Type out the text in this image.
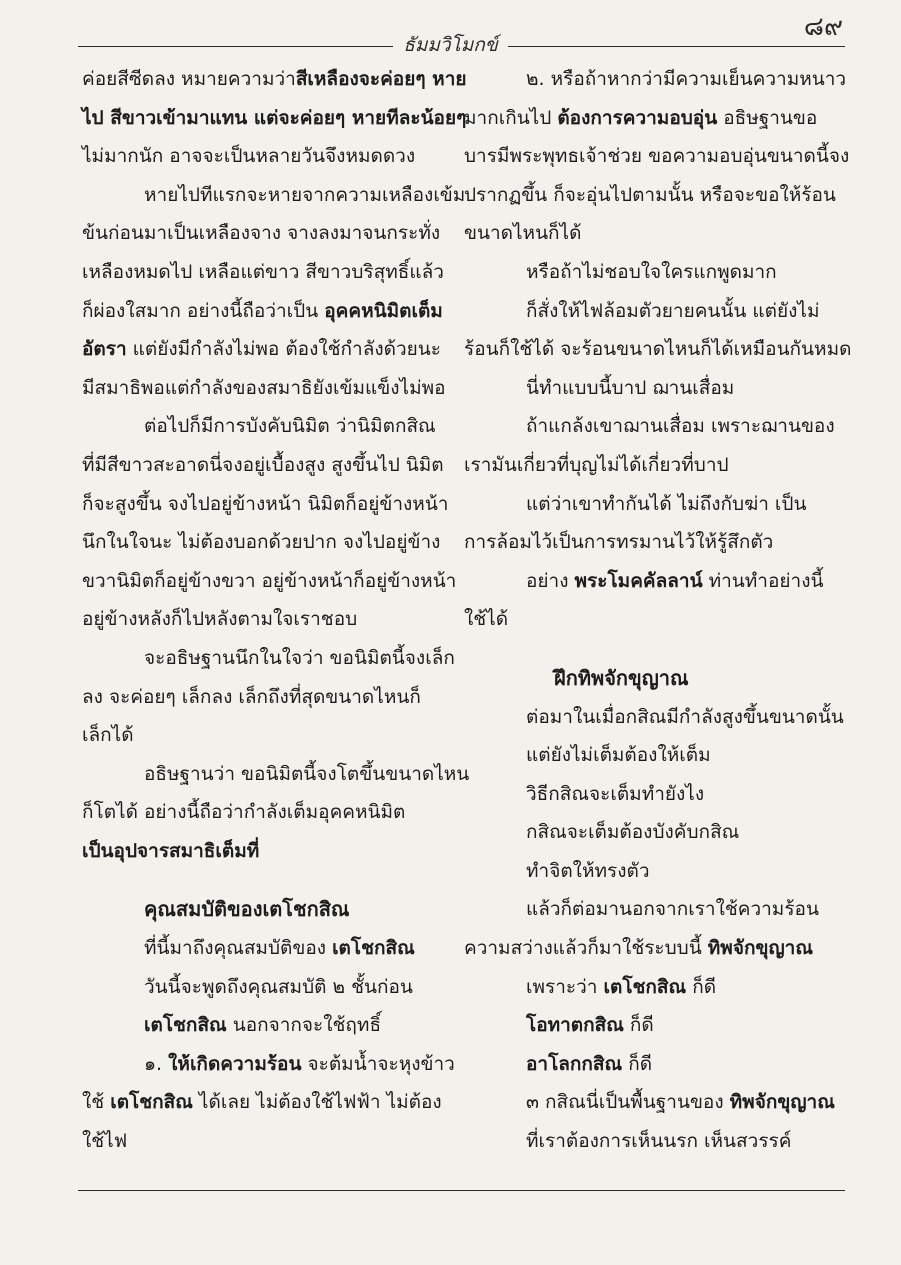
๘๙
ธัมมวิโมกข์
ค่อยสีซีดลง หมายความว่าสีเหลืองจะค่อยๆ หาย
ไป สีขาวเข้ามาแทน แต่จะค่อยๆ หายทีละน้อยๆ
ไม่มากนัก อาจจะเป็นหลายวันจึงหมดดวง
หายไปทีแรกจะหายจากความเหลืองเข้ม
ข้นก่อนมาเป็นเหลืองจาง จางลงมาจนกระทั่ง
เหลืองหมดไป เหลือแต่ขาว สีขาวบริสุทธิ์แล้ว
ก็ผ่องใสมาก อย่างนี้ถือว่าเป็น อุคคหนิมิตเต็ม
อัตรา แต่ยังมีกำลังไม่พอ ต้องใช้กำลังด้วยนะ
มีสมาธิพอแต่กำลังของสมาธิยังเข้มแข็งไม่พอ
ต่อไปก็มีการบังคับนิมิต ว่านิมิตกสิณ
ที่มีสีขาวสะอาดนี่จงอยู่เบื้องสูง สูงขึ้นไป นิมิต
ก็จะสูงขึ้น จงไปอยู่ข้างหน้า นิมิตก็อยู่ข้างหน้า
นึกในใจนะ ไม่ต้องบอกด้วยปาก จงไปอยู่ข้าง
ขวานิมิตก็อยู่ข้างขวา อยู่ข้างหน้าก็อยู่ข้างหน้า
อยู่ข้างหลังก็ไปหลังตามใจเราชอบ
จะอธิษฐานนึกในใจว่า ขอนิมิตนี้จงเล็ก
ลง จะค่อยๆ เล็กลง เล็กถึงที่สุดขนาดไหนก็
เล็กได้
อธิษฐานว่า ขอนิมิตนี้จงโตขึ้นขนาดไหน
ก็โตได้ อย่างนี้ถือว่ากำลังเต็มอุคคหนิมิต
เป็นอุปจารสมาธิเต็มที่
คุณสมบัติของเตโชกสิณ
ที่นี้มาถึงคุณสมบัติของ เตโชกสิณ
วันนี้จะพูดถึงคุณสมบัติ ๒ ชั้นก่อน
เตโชกสิณ นอกจากจะใช้ฤทธิ์
๑. ให้เกิดความร้อน จะต้มน้ำจะหุงข้าว
ใช้ เตโชกสิณ ได้เลย ไม่ต้องใช้ไฟฟ้า ไม่ต้อง
ใช้ไฟ
๒. หรือถ้าหากว่ามีความเย็นความหนาว
มากเกินไป ต้องการความอบอุ่น อธิษฐานขอ
บารมีพระพุทธเจ้าช่วย ขอความอบอุ่นขนาดนี้จง
ปรากฏขึ้น ก็จะอุ่นไปตามนั้น หรือจะขอให้ร้อน
ขนาดไหนก็ได้
หรือถ้าไม่ชอบใจใครแกพูดมาก
ก็สั่งให้ไฟล้อมตัวยายคนนั้น แต่ยังไม่
ร้อนก็ใช้ได้ จะร้อนขนาดไหนก็ได้เหมือนกันหมด
นี่ทำแบบนี้บาป ฌานเสื่อม
ถ้าแกล้งเขาฌานเสื่อม เพราะฌานของ
เรามันเกี่ยวที่บุญไม่ได้เกี่ยวที่บาป
แต่ว่าเขาทำกันได้ ไม่ถึงกับฆ่า เป็น
การล้อมไว้เป็นการทรมานไว้ให้รู้สึกตัว
อย่าง พระโมคคัลลาน์ ท่านทำอย่างนี้
ใช้ได้
ฝึกทิพจักขุญาณ
ต่อมาในเมื่อกสิณมีกำลังสูงขึ้นขนาดนั้น
แต่ยังไม่เต็มต้องให้เต็ม
วิธีกสิณจะเต็มทำยังไง
กสิณจะเต็มต้องบังคับกสิณ
ทำจิตให้ทรงตัว
แล้วก็ต่อมานอกจากเราใช้ความร้อน
ความสว่างแล้วก็มาใช้ระบบนี้ ทิพจักขุญาณ
เพราะว่า เตโชกสิณ ก็ดี
โอทาตกสิณ ก็ดี
อาโลกกสิณ ก็ดี
๓ กสิณนี่เป็นพื้นฐานของ ทิพจักขุญาณ
ที่เราต้องการเห็นนรก เห็นสวรรค์
